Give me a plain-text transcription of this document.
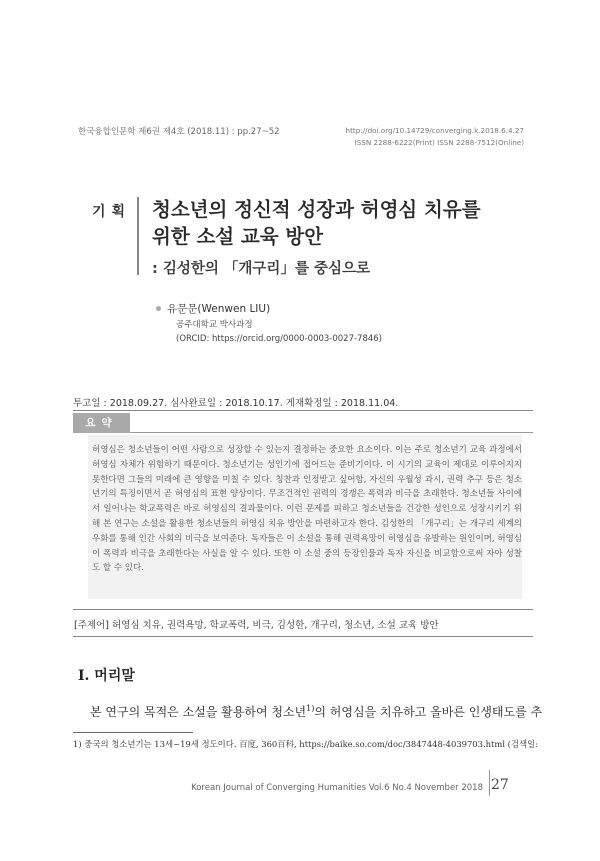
한국융합인문학 제6권 제4호 (2018.11) : pp.27~52	http://doi.org/10.14729/converging.k.2018.6.4.27
ISSN 2288-6222(Print) ISSN 2288-7512(Online)
기획 청소년의 정신적 성장과 허영심 치유를
위한 소설 교육 방안
: 김성한의 「개구리」를 중심으로
유문문(Wenwen LIU)
공주대학교 박사과정
(ORCID: https://orcid.org/0000-0003-0027-7846)
투고일 : 2018.09.27. 심사완료일 : 2018.10.17. 게재확정일 : 2018.11.04.
요약
허영심은 청소년들이 어떤 사람으로 성장할 수 있는지 결정하는 중요한 요소이다. 이는 주로 청소년기 교육 과정에서 허영심 자체가 위험하기 때문이다. 청소년기는 성인기에 접어드는 준비기이다. 이 시기의 교육이 제대로 이루어지지 못한다면 그들의 미래에 큰 영향을 미칠 수 있다. 칭찬과 인정받고 싶어함, 자신의 우월성 과시, 권력 추구 등은 청소년기의 특징이면서 곧 허영심의 표현 양상이다. 무조건적인 권력의 경쟁은 폭력과 비극을 초래한다. 청소년들 사이에서 일어나는 학교폭력은 바로 허영심의 결과물이다. 이런 문제를 피하고 청소년들을 건강한 성인으로 성장시키기 위해 본 연구는 소설을 활용한 청소년들의 허영심 치유 방안을 마련하고자 한다. 김성한의 「개구리」는 개구리 세계의 우화를 통해 인간 사회의 비극을 보여준다. 독자들은 이 소설을 통해 권력욕망이 허영심을 유발하는 원인이며, 허영심이 폭력과 비극을 초래한다는 사실을 알 수 있다. 또한 이 소설 중의 등장인물과 독자 자신을 비교함으로써 자아 성찰도 할 수 있다.
[주제어] 허영심 치유, 권력욕망, 학교폭력, 비극, 김성한, 개구리, 청소년, 소설 교육 방안
I. 머리말
본 연구의 목적은 소설을 활용하여 청소년$^{1)}$의 허영심을 치유하고 올바른 인생태도를 추
1) 중국의 청소년기는 13세~19세 정도이다. 百度, 360百科, https://baike.so.com/doc/3847448-4039703.html (검색일:
Korean Journal of Converging Humanities Vol.6 No.4 November 2018 27
